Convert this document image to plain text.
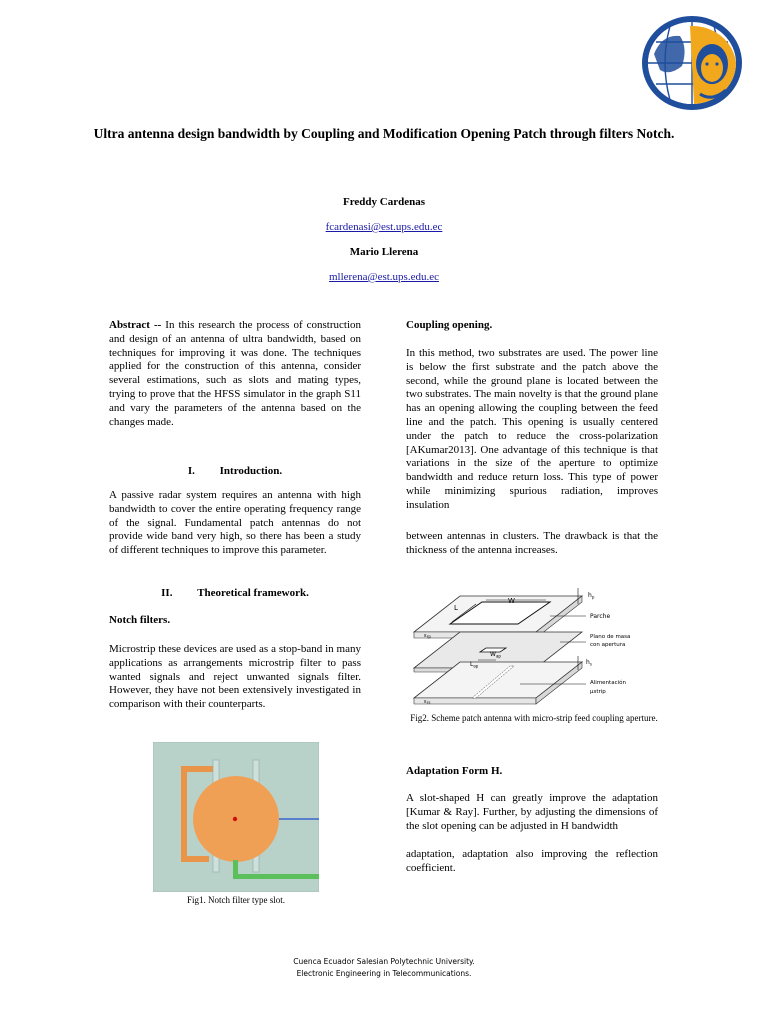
Ultra antenna design bandwidth by Coupling and Modification Opening Patch through filters Notch.
Freddy Cardenas
fcardenasi@est.ups.edu.ec
Mario Llerena
mllerena@est.ups.edu.ec

Abstract -- In this research the process of construction and design of an antenna of ultra bandwidth, based on techniques for improving it was done. The techniques applied for the construction of this antenna, consider several estimations, such as slots and mating types, trying to prove that the HFSS simulator in the graph S11 and vary the parameters of the antenna based on the changes made.

I. Introduction.
A passive radar system requires an antenna with high bandwidth to cover the entire operating frequency range of the signal. Fundamental patch antennas do not provide wide band very high, so there has been a study of different techniques to improve this parameter.
II. Theoretical framework.
Notch filters.
Microstrip these devices are used as a stop-band in many applications as arrangements microstrip filter to pass wanted signals and reject unwanted signals filter. However, they have not been extensively investigated in comparison with their counterparts.
Fig1. Notch filter type slot.
Coupling opening.
In this method, two substrates are used. The power line is below the first substrate and the patch above the second, while the ground plane is located between the two substrates. The main novelty is that the ground plane has an opening allowing the coupling between the feed line and the patch. This opening is usually centered under the patch to reduce the cross-polarization [AKumar2013]. One advantage of this technique is that variations in the size of the aperture to optimize bandwidth and reduce return loss. This type of power while minimizing spurious radiation, improves insulation
between antennas in clusters. The drawback is that the thickness of the antenna increases.
$\varepsilon_{rp}$
$\varepsilon_{rs}$
W
L
$h_p$
Parche
Plano de masa
con apertura
$W_{ap}$
$L_{ap}$	$h_s$
Alimentación
µstrip
Fig2. Scheme patch antenna with micro-strip feed coupling aperture.
Adaptation Form H.
A slot-shaped H can greatly improve the adaptation [Kumar & Ray]. Further, by adjusting the dimensions of the slot opening can be adjusted in H bandwidth
adaptation, adaptation also improving the reflection coefficient.
Cuenca Ecuador Salesian Polytechnic University.
Electronic Engineering in Telecommunications.
